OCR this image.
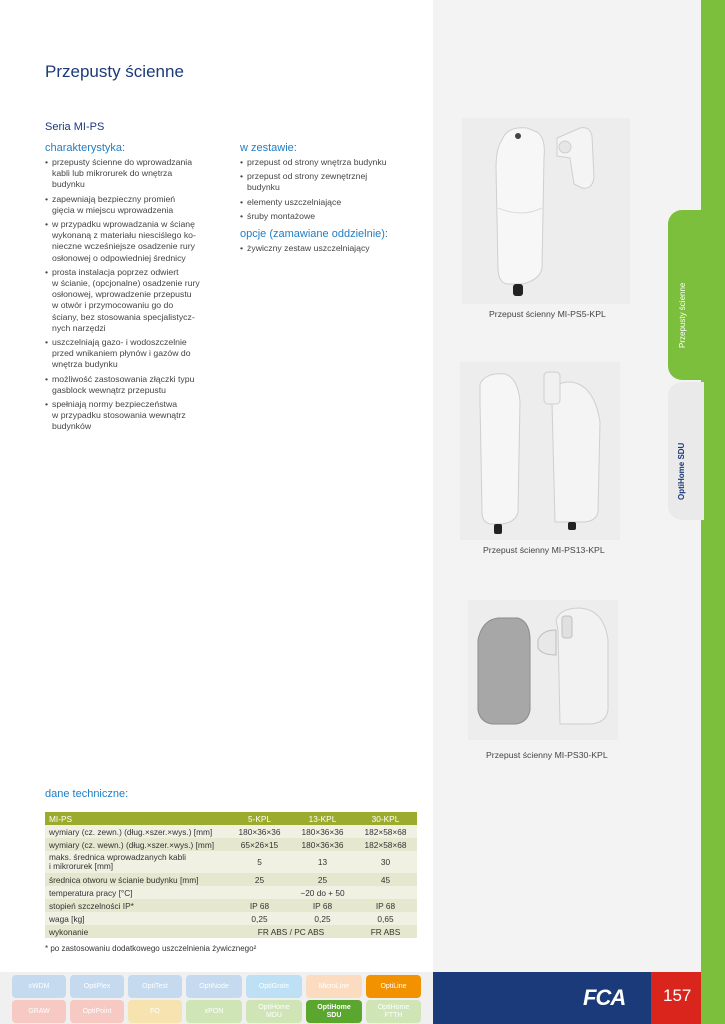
Przepusty ścienne
OptiHome SDU
Przepusty ścienne
Seria MI-PS
charakterystyka:
• przepusty ścienne do wprowadzania
kabli lub mikrorurek do wnętrza
budynku
• zapewniają bezpieczny promień
gięcia w miejscu wprowadzenia
• w przypadku wprowadzania w ścianę
wykonaną z materiału niesciślego ko-
nieczne wcześniejsze osadzenie rury
osłonowej o odpowiedniej średnicy
• prosta instalacja poprzez odwiert
w ścianie, (opcjonalne) osadzenie rury
osłonowej, wprowadzenie przepustu
w otwór i przymocowaniu go do
ściany, bez stosowania specjalistycz-
nych narzędzi
• uszczelniają gazo- i wodoszczelnie
przed wnikaniem płynów i gazów do
wnętrza budynku
• możliwość zastosowania złączki typu
gasblock wewnątrz przepustu
• spełniają normy bezpieczeństwa
w przypadku stosowania wewnątrz
budynków
w zestawie:
• przepust od strony wnętrza budynku
• przepust od strony zewnętrznej
budynku
• elementy uszczelniające
• śruby montażowe
opcje (zamawiane oddzielnie):
• żywiczny zestaw uszczelniający
Przepust ścienny MI-PS5-KPL
Przepust ścienny MI-PS13-KPL
Przepust ścienny MI-PS30-KPL
dane techniczne:
MI-PS	5-KPL	13-KPL	30-KPL
wymiary (cz. zewn.) (dług.×szer.×wys.) [mm]	180×36×36	180×36×36	182×58×68
wymiary (cz. wewn.) (dług.×szer.×wys.) [mm]	65×26×15	180×36×36	182×58×68
maks. średnica wprowadzanych kabli
i mikrorurek [mm]	5	13	30
średnica otworu w ścianie budynku [mm]	25	25	45
temperatura pracy [°C]	−20 do + 50		
stopień szczelności IP*	IP 68	IP 68	IP 68
waga [kg]	0,25	0,25	0,65
wykonanie	FR ABS / PC ABS		FR ABS
* po zastosowaniu dodatkowego uszczelnienia żywicznego²
xWDM	OptiPlex	OptiTest	OptiNode	OptiGrate	MicroLine	OptiLine
GRAW	OptiPoint	FO	xPON
OptiHome
MDU
OptiHome
SDU
OptiHome
FTTH
FCA 157
